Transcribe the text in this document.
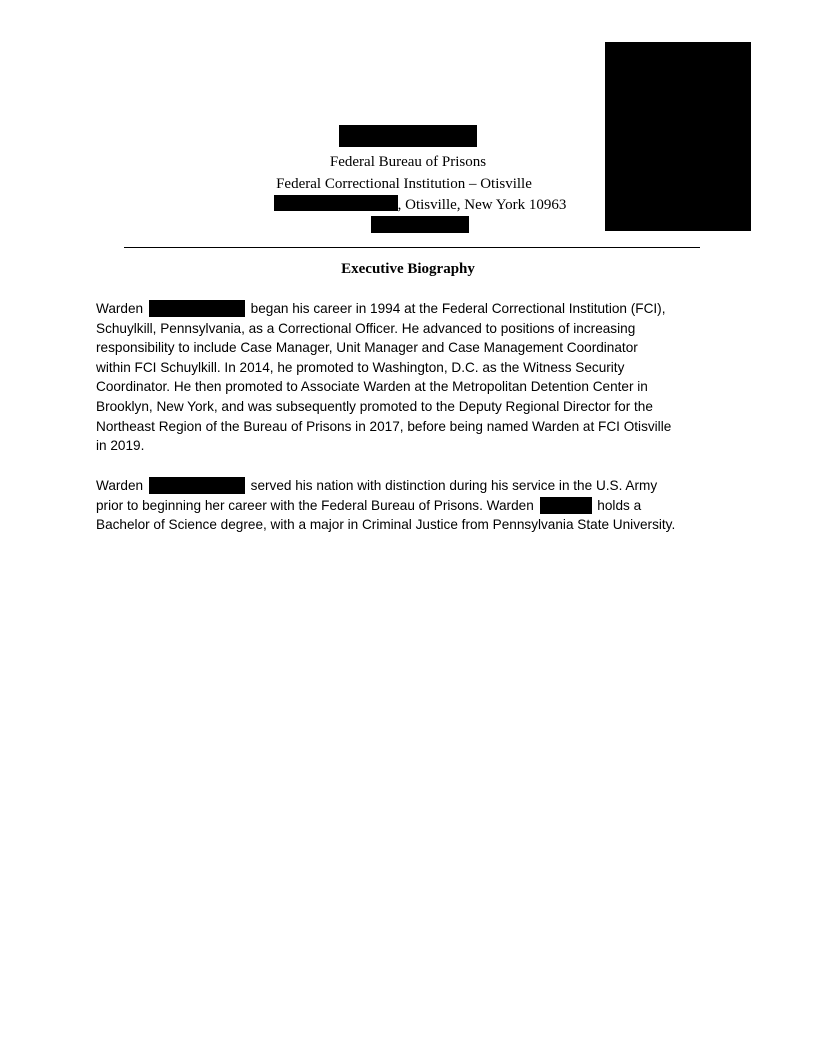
Federal Bureau of Prisons
Federal Correctional Institution – Otisville
, Otisville, New York 10963
Executive Biography
Warden	began his career in 1994 at the Federal Correctional Institution (FCI),
Schuylkill, Pennsylvania, as a Correctional Officer. He advanced to positions of increasing
responsibility to include Case Manager, Unit Manager and Case Management Coordinator
within FCI Schuylkill. In 2014, he promoted to Washington, D.C. as the Witness Security
Coordinator. He then promoted to Associate Warden at the Metropolitan Detention Center in
Brooklyn, New York, and was subsequently promoted to the Deputy Regional Director for the
Northeast Region of the Bureau of Prisons in 2017, before being named Warden at FCI Otisville
in 2019.
Warden	served his nation with distinction during his service in the U.S. Army
prior to beginning her career with the Federal Bureau of Prisons. Warden	holds a
Bachelor of Science degree, with a major in Criminal Justice from Pennsylvania State University.
